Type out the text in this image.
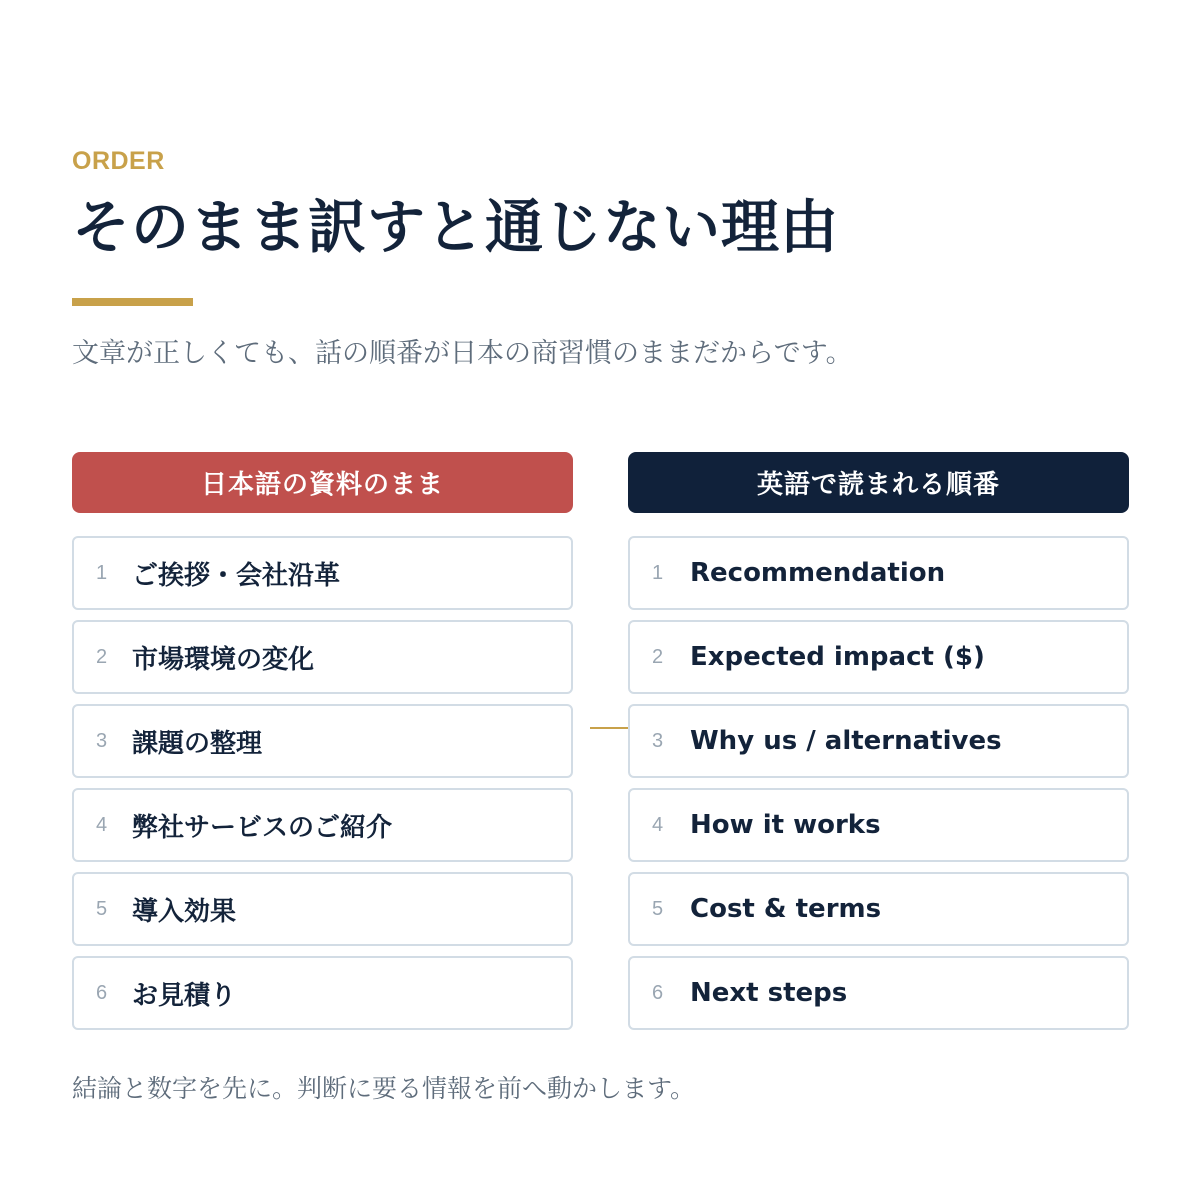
ORDER
そのまま訳すと通じない理由
文章が正しくても、話の順番が日本の商習慣のままだからです。
日本語の資料のまま
1 ご挨拶・会社沿革
2 市場環境の変化
3 課題の整理
4 弊社サービスのご紹介
5 導入効果
6 お見積り
英語で読まれる順番
1	Recommendation
2	Expected impact ($)
3	Why us / alternatives
4	How it works
5	Cost & terms
6	Next steps
結論と数字を先に。判断に要る情報を前へ動かします。
